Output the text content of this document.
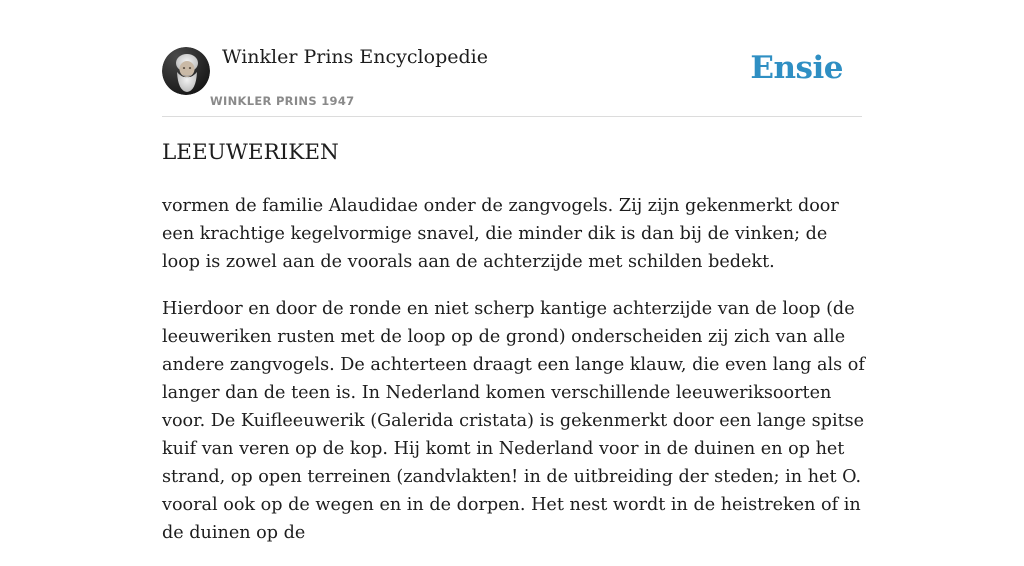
Winkler Prins Encyclopedie
WINKLER PRINS 1947
Ensie
LEEUWERIKEN

vormen de familie Alaudidae onder de zangvogels. Zij zijn gekenmerkt door een krachtige kegelvormige snavel, die minder dik is dan bij de vinken; de loop is zowel aan de voorals aan de achterzijde met schilden bedekt.

Hierdoor en door de ronde en niet scherp kantige achterzijde van de loop (de leeuweriken rusten met de loop op de grond) onderscheiden zij zich van alle andere zangvogels. De achterteen draagt een lange klauw, die even lang als of langer dan de teen is. In Nederland komen verschillende leeuweriksoorten voor. De Kuifleeuwerik (Galerida cristata) is gekenmerkt door een lange spitse kuif van veren op de kop. Hij komt in Nederland voor in de duinen en op het strand, op open terreinen (zandvlakten! in de uitbreiding der steden; in het O. vooral ook op de wegen en in de dorpen. Het nest wordt in de heistreken of in de duinen op de
